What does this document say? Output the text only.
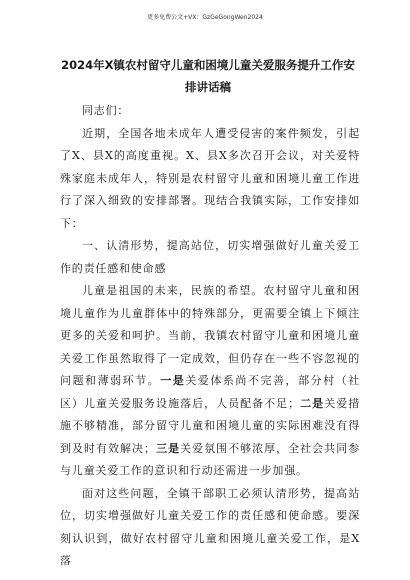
更多免费公文+VX：GzGeGongWen2024
2024年X镇农村留守儿童和困境儿童关爱服务提升工作安排讲话稿

同志们：

近期，全国各地未成年人遭受侵害的案件频发，引起了X、县X的高度重视。X、县X多次召开会议，对关爱特殊家庭未成年人，特别是农村留守儿童和困境儿童工作进行了深入细致的安排部署。现结合我镇实际，工作安排如下：

一、认清形势，提高站位，切实增强做好儿童关爱工作的责任感和使命感

儿童是祖国的未来，民族的希望。农村留守儿童和困境儿童作为儿童群体中的特殊部分，更需要全镇上下倾注更多的关爱和呵护。当前，我镇农村留守儿童和困境儿童关爱工作虽然取得了一定成效，但仍存在一些不容忽视的问题和薄弱环节。一是关爱体系尚不完善，部分村（社区）儿童关爱服务设施落后，人员配备不足；二是关爱措施不够精准，部分留守儿童和困境儿童的实际困难没有得到及时有效解决；三是关爱氛围不够浓厚，全社会共同参与儿童关爱工作的意识和行动还需进一步加强。

面对这些问题，全镇干部职工必须认清形势，提高站位，切实增强做好儿童关爱工作的责任感和使命感。要深刻认识到，做好农村留守儿童和困境儿童关爱工作，是X落
